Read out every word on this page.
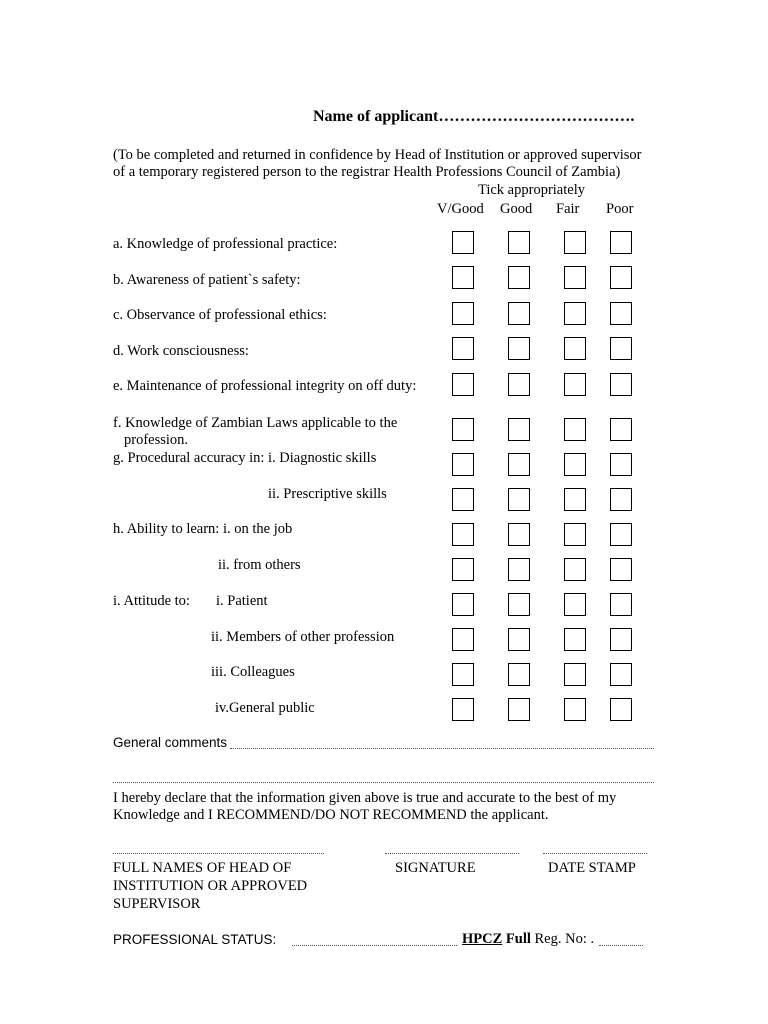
Name of applicant……………………………….
(To be completed and returned in confidence by Head of Institution or approved supervisor
of a temporary registered person to the registrar Health Professions Council of Zambia)
Tick appropriately
V/Good Good Fair Poor
a. Knowledge of professional practice:
b. Awareness of patient`s safety:
c. Observance of professional ethics:
d. Work consciousness:
e. Maintenance of professional integrity on off duty:
f. Knowledge of Zambian Laws applicable to the
profession.
g. Procedural accuracy in: i. Diagnostic skills
ii. Prescriptive skills
h. Ability to learn: i. on the job
ii. from others
i. Attitude to: i. Patient
ii. Members of other profession
iii. Colleagues
iv.General public
General comments
I hereby declare that the information given above is true and accurate to the best of my
Knowledge and I RECOMMEND/DO NOT RECOMMEND the applicant.
FULL NAMES OF HEAD OF
INSTITUTION OR APPROVED
SUPERVISOR
SIGNATURE	DATE STAMP
PROFESSIONAL STATUS:	HPCZ Full Reg. No: .
